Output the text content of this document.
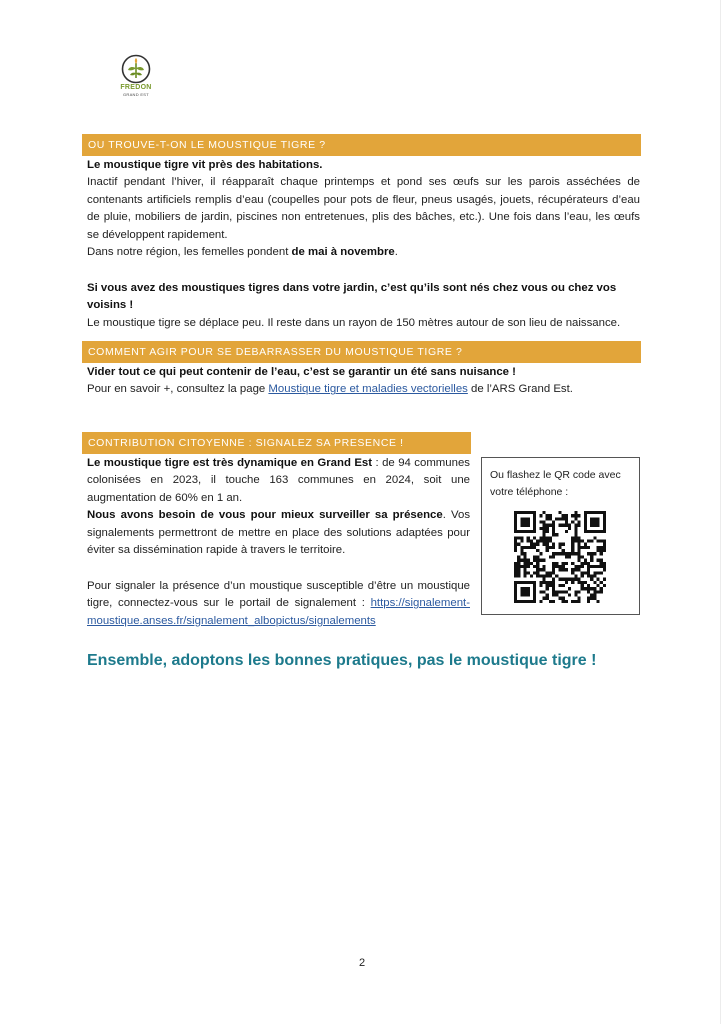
FREDON
GRAND EST
OU TROUVE-T-ON LE MOUSTIQUE TIGRE ?

Le moustique tigre vit près des habitations.

Inactif pendant l’hiver, il réapparaît chaque printemps et pond ses œufs sur les parois asséchées de contenants artificiels remplis d’eau (coupelles pour pots de fleur, pneus usagés, jouets, récupérateurs d’eau de pluie, mobiliers de jardin, piscines non entretenues, plis des bâches, etc.). Une fois dans l’eau, les œufs se développent rapidement.

Dans notre région, les femelles pondent de mai à novembre.

Si vous avez des moustiques tigres dans votre jardin, c’est qu’ils sont nés chez vous ou chez vos voisins !

Le moustique tigre se déplace peu. Il reste dans un rayon de 150 mètres autour de son lieu de naissance.

COMMENT AGIR POUR SE DEBARRASSER DU MOUSTIQUE TIGRE ?

Vider tout ce qui peut contenir de l’eau, c’est se garantir un été sans nuisance !

Pour en savoir +, consultez la page Moustique tigre et maladies vectorielles de l’ARS Grand Est.

CONTRIBUTION CITOYENNE : SIGNALEZ SA PRESENCE !

Le moustique tigre est très dynamique en Grand Est : de 94 communes colonisées en 2023, il touche 163 communes en 2024, soit une augmentation de 60% en 1 an.

Nous avons besoin de vous pour mieux surveiller sa présence. Vos signalements permettront de mettre en place des solutions adaptées pour éviter sa dissémination rapide à travers le territoire.

Pour signaler la présence d’un moustique susceptible d’être un moustique tigre, connectez-vous sur le portail de signalement : https://signalement-moustique.anses.fr/signalement_albopictus/signalements

Ou flashez le QR code avec votre téléphone :
Ensemble, adoptons les bonnes pratiques, pas le moustique tigre !
2
